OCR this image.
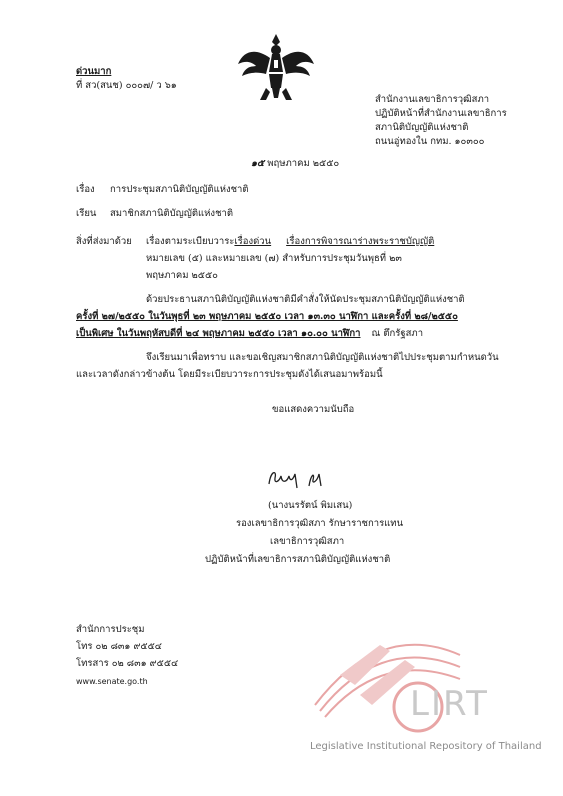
ด่วนมาก
ที่ สว(สนช) ๐๐๐๗/ ว ๖๑
สำนักงานเลขาธิการวุฒิสภา
ปฏิบัติหน้าที่สำนักงานเลขาธิการ
สภานิติบัญญัติแห่งชาติ
ถนนอู่ทองใน กทม. ๑๐๓๐๐
๑๕ พฤษภาคม ๒๕๕๐
เรื่อง การประชุมสภานิติบัญญัติแห่งชาติ
เรียน สมาชิกสภานิติบัญญัติแห่งชาติ
สิ่งที่ส่งมาด้วย เรื่องตามระเบียบวาระเรื่องด่วน เรื่องการพิจารณาร่างพระราชบัญญัติ
หมายเลข (๕) และหมายเลข (๗) สำหรับการประชุมวันพุธที่ ๒๓
พฤษภาคม ๒๕๕๐
ด้วยประธานสภานิติบัญญัติแห่งชาติมีคำสั่งให้นัดประชุมสภานิติบัญญัติแห่งชาติ
ครั้งที่ ๒๗/๒๕๕๐ ในวันพุธที่ ๒๓ พฤษภาคม ๒๕๕๐ เวลา ๑๓.๓๐ นาฬิกา และครั้งที่ ๒๘/๒๕๕๐
เป็นพิเศษ ในวันพฤหัสบดีที่ ๒๔ พฤษภาคม ๒๕๕๐ เวลา ๑๐.๐๐ นาฬิกา ณ ตึกรัฐสภา
จึงเรียนมาเพื่อทราบ และขอเชิญสมาชิกสภานิติบัญญัติแห่งชาติไปประชุมตามกำหนดวัน
และเวลาดังกล่าวข้างต้น โดยมีระเบียบวาระการประชุมดังได้เสนอมาพร้อมนี้
ขอแสดงความนับถือ
(นางนรรัตน์ พิมเสน)
รองเลขาธิการวุฒิสภา รักษาราชการแทน
เลขาธิการวุฒิสภา
ปฏิบัติหน้าที่เลขาธิการสภานิติบัญญัติแห่งชาติ
สำนักการประชุม
โทร ๐๒ ๘๓๑ ๙๕๕๔
โทรสาร ๐๒ ๘๓๑ ๙๕๕๔
www.senate.go.th
LIRT
Legislative Institutional Repository of Thailand
